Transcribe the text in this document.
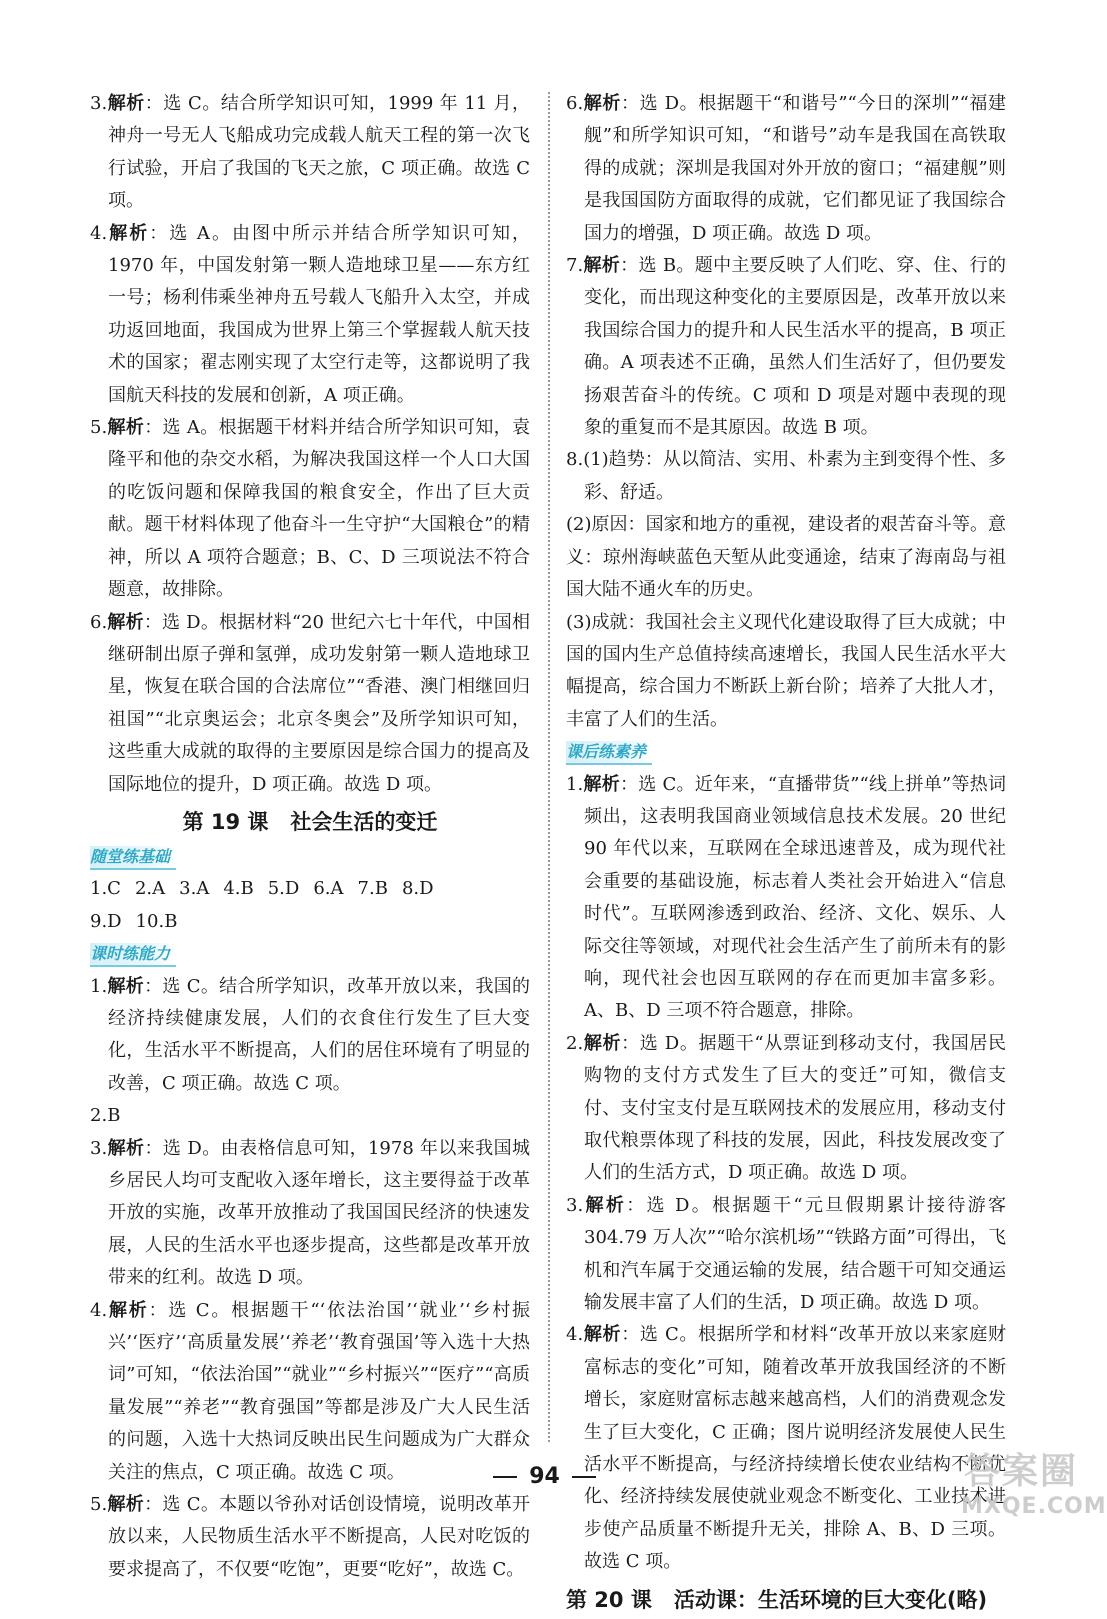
3.解析：选 C。结合所学知识可知，1999 年 11 月，神舟一号无人飞船成功完成载人航天工程的第一次飞行试验，开启了我国的飞天之旅，C 项正确。故选 C 项。

4.解析：选 A。由图中所示并结合所学知识可知，1970 年，中国发射第一颗人造地球卫星——东方红一号；杨利伟乘坐神舟五号载人飞船升入太空，并成功返回地面，我国成为世界上第三个掌握载人航天技术的国家；翟志刚实现了太空行走等，这都说明了我国航天科技的发展和创新，A 项正确。

5.解析：选 A。根据题干材料并结合所学知识可知，袁隆平和他的杂交水稻，为解决我国这样一个人口大国的吃饭问题和保障我国的粮食安全，作出了巨大贡献。题干材料体现了他奋斗一生守护“大国粮仓”的精神，所以 A 项符合题意；B、C、D 三项说法不符合题意，故排除。

6.解析：选 D。根据材料“20 世纪六七十年代，中国相继研制出原子弹和氢弹，成功发射第一颗人造地球卫星，恢复在联合国的合法席位”“香港、澳门相继回归祖国”“北京奥运会；北京冬奥会”及所学知识可知，这些重大成就的取得的主要原因是综合国力的提高及国际地位的提升，D 项正确。故选 D 项。

第 19 课 社会生活的变迁
随堂练基础

1.C 2.A 3.A 4.B 5.D 6.A 7.B 8.D

9.D 10.B

课时练能力

1.解析：选 C。结合所学知识，改革开放以来，我国的经济持续健康发展，人们的衣食住行发生了巨大变化，生活水平不断提高，人们的居住环境有了明显的改善，C 项正确。故选 C 项。

2.B

3.解析：选 D。由表格信息可知，1978 年以来我国城乡居民人均可支配收入逐年增长，这主要得益于改革开放的实施，改革开放推动了我国国民经济的快速发展，人民的生活水平也逐步提高，这些都是改革开放带来的红利。故选 D 项。

4.解析：选 C。根据题干“‘依法治国’‘就业’‘乡村振兴’‘医疗’‘高质量发展’‘养老’‘教育强国’等入选十大热词”可知，“依法治国”“就业”“乡村振兴”“医疗”“高质量发展”“养老”“教育强国”等都是涉及广大人民生活的问题，入选十大热词反映出民生问题成为广大群众关注的焦点，C 项正确。故选 C 项。

5.解析：选 C。本题以爷孙对话创设情境，说明改革开放以来，人民物质生活水平不断提高，人民对吃饭的要求提高了，不仅要“吃饱”，更要“吃好”，故选 C。

6.解析：选 D。根据题干“和谐号”“今日的深圳”“福建舰”和所学知识可知，“和谐号”动车是我国在高铁取得的成就；深圳是我国对外开放的窗口；“福建舰”则是我国国防方面取得的成就，它们都见证了我国综合国力的增强，D 项正确。故选 D 项。

7.解析：选 B。题中主要反映了人们吃、穿、住、行的变化，而出现这种变化的主要原因是，改革开放以来我国综合国力的提升和人民生活水平的提高，B 项正确。A 项表述不正确，虽然人们生活好了，但仍要发扬艰苦奋斗的传统。C 项和 D 项是对题中表现的现象的重复而不是其原因。故选 B 项。

8.(1)趋势：从以简洁、实用、朴素为主到变得个性、多彩、舒适。

(2)原因：国家和地方的重视，建设者的艰苦奋斗等。意义：琼州海峡蓝色天堑从此变通途，结束了海南岛与祖国大陆不通火车的历史。

(3)成就：我国社会主义现代化建设取得了巨大成就；中国的国内生产总值持续高速增长，我国人民生活水平大幅提高，综合国力不断跃上新台阶；培养了大批人才，丰富了人们的生活。

课后练素养

1.解析：选 C。近年来，“直播带货”“线上拼单”等热词频出，这表明我国商业领域信息技术发展。20 世纪 90 年代以来，互联网在全球迅速普及，成为现代社会重要的基础设施，标志着人类社会开始进入“信息时代”。互联网渗透到政治、经济、文化、娱乐、人际交往等领域，对现代社会生活产生了前所未有的影响，现代社会也因互联网的存在而更加丰富多彩。A、B、D 三项不符合题意，排除。

2.解析：选 D。据题干“从票证到移动支付，我国居民购物的支付方式发生了巨大的变迁”可知，微信支付、支付宝支付是互联网技术的发展应用，移动支付取代粮票体现了科技的发展，因此，科技发展改变了人们的生活方式，D 项正确。故选 D 项。

3.解析：选 D。根据题干“元旦假期累计接待游客 304.79 万人次”“哈尔滨机场”“铁路方面”可得出，飞机和汽车属于交通运输的发展，结合题干可知交通运输发展丰富了人们的生活，D 项正确。故选 D 项。

4.解析：选 C。根据所学和材料“改革开放以来家庭财富标志的变化”可知，随着改革开放我国经济的不断增长，家庭财富标志越来越高档，人们的消费观念发生了巨大变化，C 正确；图片说明经济发展使人民生活水平不断提高，与经济持续增长使农业结构不断优化、经济持续发展使就业观念不断变化、工业技术进步使产品质量不断提升无关，排除 A、B、D 三项。故选 C 项。

第 20 课 活动课：生活环境的巨大变化(略)
94	答案圈
MXQE.COM
